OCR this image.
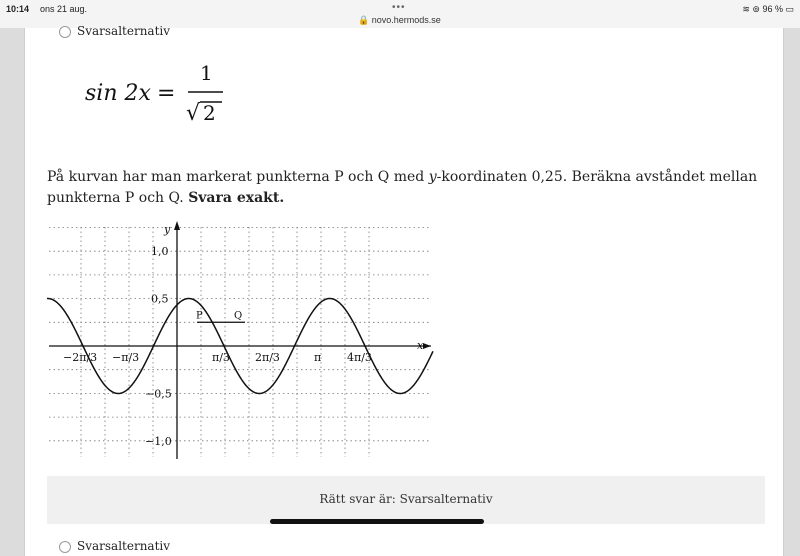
10:14 ons 21 aug.	•••
🔒 novo.hermods.se
≋ ⊚ 96 % ▭
Svarsalternativ
sin 2x =
1
√ 2
På kurvan har man markerat punkterna P och Q med y-koordinaten 0,25. Beräkna avståndet mellan punkterna P och Q. Svara exakt.
P	Q
−2π/3 −π/3	π/3 2π/3	π 4π/3
x
1,0
0,5
−0,5
−1,0
y
Rätt svar är: Svarsalternativ
Svarsalternativ
